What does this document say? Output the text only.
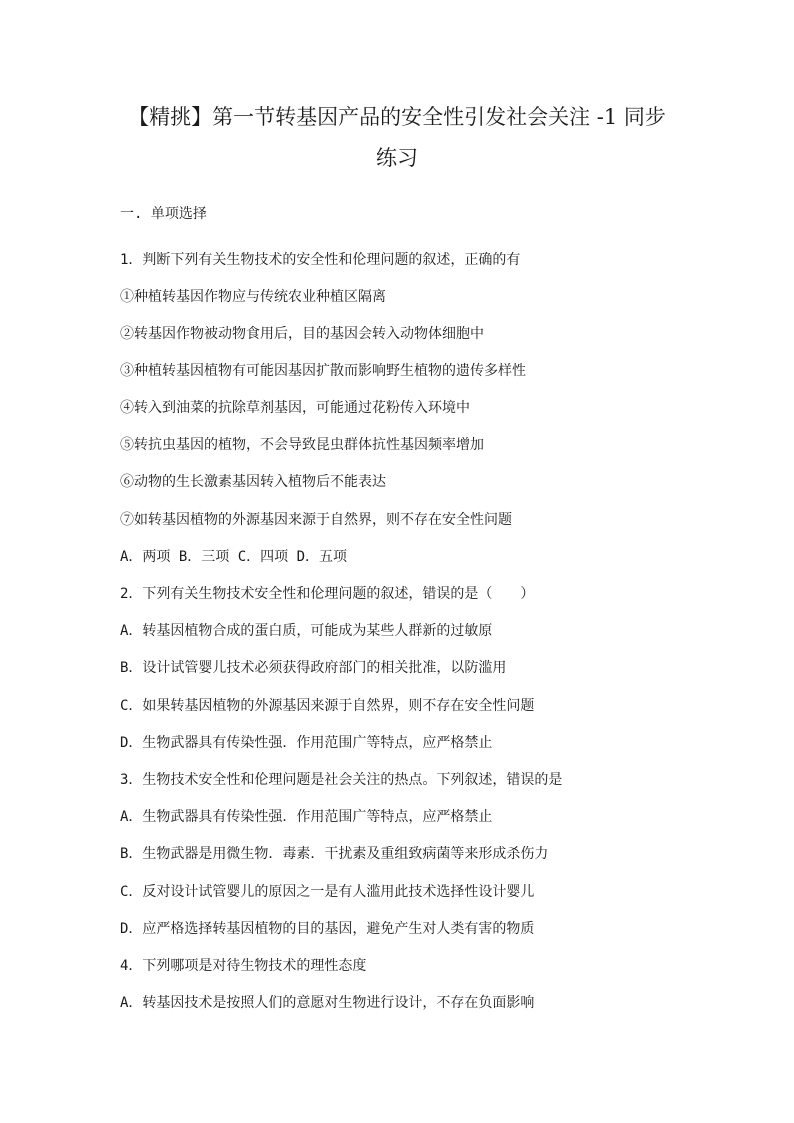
【精挑】第一节转基因产品的安全性引发社会关注 -1 同步
练习
一. 单项选择
1．判断下列有关生物技术的安全性和伦理问题的叙述，正确的有
①种植转基因作物应与传统农业种植区隔离
②转基因作物被动物食用后，目的基因会转入动物体细胞中
③种植转基因植物有可能因基因扩散而影响野生植物的遗传多样性
④转入到油菜的抗除草剂基因，可能通过花粉传入环境中
⑤转抗虫基因的植物，不会导致昆虫群体抗性基因频率增加
⑥动物的生长激素基因转入植物后不能表达
⑦如转基因植物的外源基因来源于自然界，则不存在安全性问题
A．两项 B．三项 C．四项 D．五项
2．下列有关生物技术安全性和伦理问题的叙述，错误的是（　　）
A．转基因植物合成的蛋白质，可能成为某些人群新的过敏原
B．设计试管婴儿技术必须获得政府部门的相关批准，以防滥用
C．如果转基因植物的外源基因来源于自然界，则不存在安全性问题
D．生物武器具有传染性强．作用范围广等特点，应严格禁止
3．生物技术安全性和伦理问题是社会关注的热点。下列叙述，错误的是
A．生物武器具有传染性强．作用范围广等特点，应严格禁止
B．生物武器是用微生物．毒素．干扰素及重组致病菌等来形成杀伤力
C．反对设计试管婴儿的原因之一是有人滥用此技术选择性设计婴儿
D．应严格选择转基因植物的目的基因，避免产生对人类有害的物质
4．下列哪项是对待生物技术的理性态度
A．转基因技术是按照人们的意愿对生物进行设计，不存在负面影响
